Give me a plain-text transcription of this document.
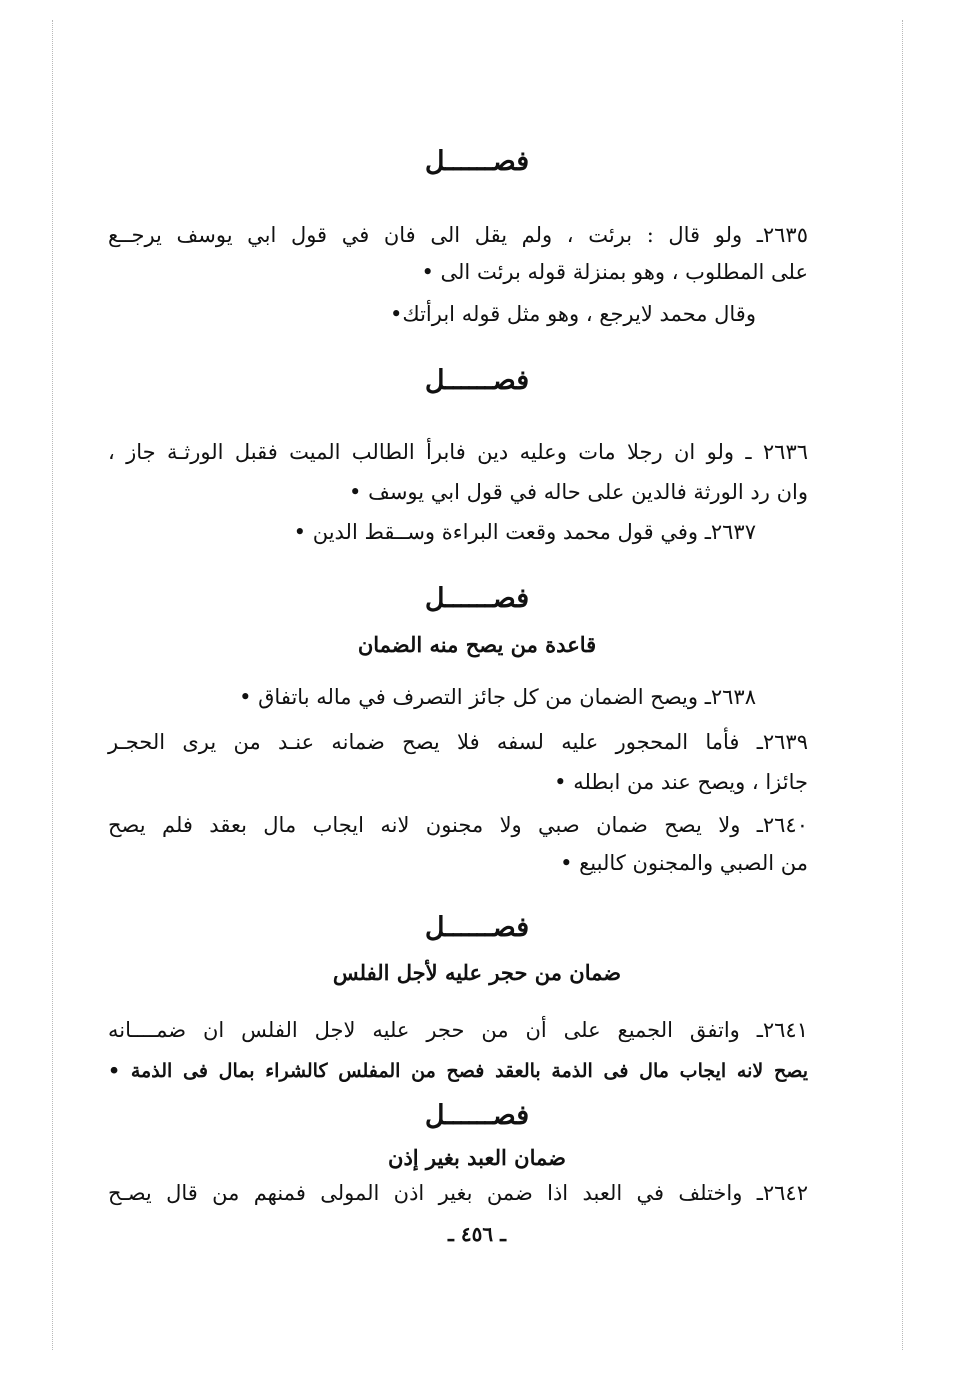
فصــــــل
٢٦٣٥ـ ولو قال : برئت ، ولم يقل الى فان في قول ابي يوسف يرجــع
على المطلوب ، وهو بمنزلة قوله برئت الى •
وقال محمد لايرجع ، وهو مثل قوله ابرأتك•
فصــــــل
٢٦٣٦ ـ ولو ان رجلا مات وعليه دين فابرأ الطالب الميت فقبل الورثـة جاز ،
وان رد الورثة فالدين على حاله في قول ابي يوسف •
٢٦٣٧ـ وفي قول محمد وقعت البراءة وســقط الدين •
فصــــــل
قاعدة من يصح منه الضمان
٢٦٣٨ـ ويصح الضمان من كل جائز التصرف في ماله باتفاق •
٢٦٣٩ـ فأما المحجور عليه لسفه فلا يصح ضمانه عنـد من يرى الحجـر
جائزا ، ويصح عند من ابطله •
٢٦٤٠ـ ولا يصح ضمان صبي ولا مجنون لانه ايجاب مال بعقد فلم يصح
من الصبي والمجنون كالبيع •
فصــــــل
ضمان من حجر عليه لأجل الفلس
٢٦٤١ـ واتفق الجميع على أن من حجر عليه لاجل الفلس ان ضمــــانه
يصح لانه ايجاب مال فى الذمة بالعقد فصح من المفلس كالشراء بمال فى الذمة •
فصــــــل
ضمان العبد بغير إذن
٢٦٤٢ـ واختلف في العبد اذا ضمن بغير اذن المولى فمنهم من قال يصـح
ـ ٤٥٦ ـ
